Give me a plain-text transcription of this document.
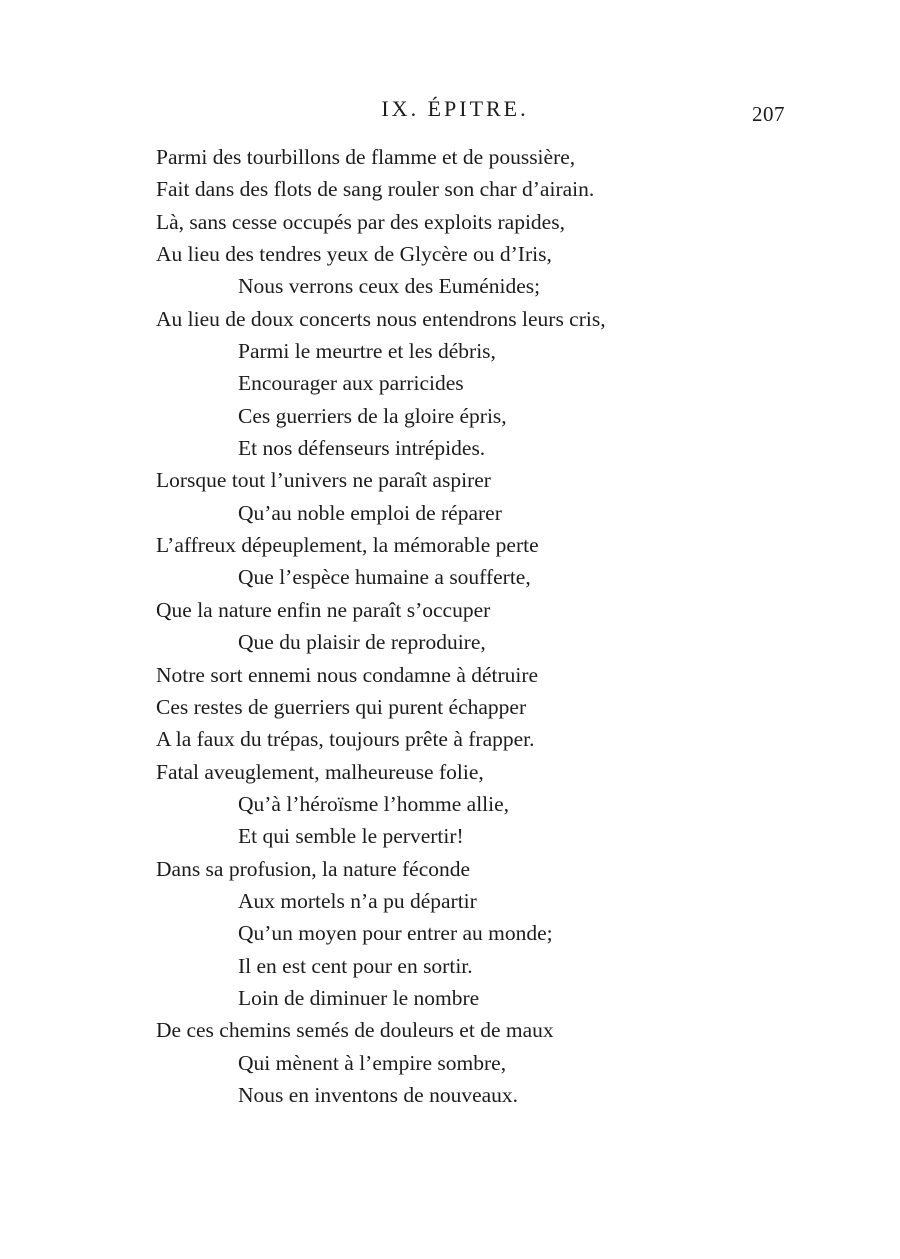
IX. ÉPITRE.	207
Parmi des tourbillons de flamme et de poussière,
Fait dans des flots de sang rouler son char d’airain.
Là, sans cesse occupés par des exploits rapides,
Au lieu des tendres yeux de Glycère ou d’Iris,
Nous verrons ceux des Euménides;
Au lieu de doux concerts nous entendrons leurs cris,
Parmi le meurtre et les débris,
Encourager aux parricides
Ces guerriers de la gloire épris,
Et nos défenseurs intrépides.
Lorsque tout l’univers ne paraît aspirer
Qu’au noble emploi de réparer
L’affreux dépeuplement, la mémorable perte
Que l’espèce humaine a soufferte,
Que la nature enfin ne paraît s’occuper
Que du plaisir de reproduire,
Notre sort ennemi nous condamne à détruire
Ces restes de guerriers qui purent échapper
A la faux du trépas, toujours prête à frapper.
Fatal aveuglement, malheureuse folie,
Qu’à l’héroïsme l’homme allie,
Et qui semble le pervertir!
Dans sa profusion, la nature féconde
Aux mortels n’a pu départir
Qu’un moyen pour entrer au monde;
Il en est cent pour en sortir.
Loin de diminuer le nombre
De ces chemins semés de douleurs et de maux
Qui mènent à l’empire sombre,
Nous en inventons de nouveaux.
